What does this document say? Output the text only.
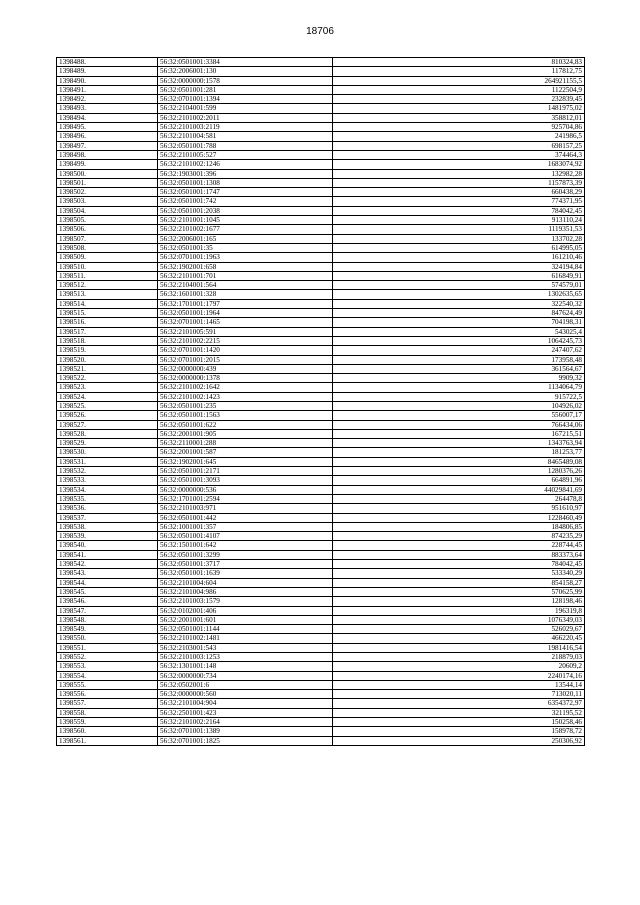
18706
1398488.	56:32:0501001:3384	810324,83
1398489.	56:32:2006001:130	117812,75
1398490.	56:32:0000000:1578	264921155,5
1398491.	56:32:0501001:281	1122504,9
1398492.	56:32:0701001:1394	232839,45
1398493.	56:32:2104001:599	1481975,02
1398494.	56:32:2101002:2011	358812,01
1398495.	56:32:2101003:2119	925704,86
1398496.	56:32:2101004:581	241986,5
1398497.	56:32:0501001:788	698157,25
1398498.	56:32:2101005:527	374464,3
1398499.	56:32:2101002:1246	1683074,92
1398500.	56:32:1903001:396	132982,28
1398501.	56:32:0501001:1308	1157873,39
1398502.	56:32:0501001:1747	660438,29
1398503.	56:32:0501001:742	774371,95
1398504.	56:32:0501001:2038	784042,45
1398505.	56:32:2101001:1045	913110,24
1398506.	56:32:2101002:1677	1119351,53
1398507.	56:32:2006001:165	133702,28
1398508.	56:32:0501001:35	614995,05
1398509.	56:32:0701001:1963	161210,46
1398510.	56:32:1902001:658	324194,84
1398511.	56:32:2101001:701	616849,91
1398512.	56:32:2104001:564	574579,01
1398513.	56:32:1601001:328	1302635,65
1398514.	56:32:1701001:1797	322540,32
1398515.	56:32:0501001:1964	847624,49
1398516.	56:32:0701001:1465	704198,31
1398517.	56:32:2101005:591	543025,4
1398518.	56:32:2101002:2215	1064245,73
1398519.	56:32:0701001:1420	247407,62
1398520.	56:32:0701001:2015	173958,48
1398521.	56:32:0000000:439	361564,67
1398522.	56:32:0000000:1378	9909,32
1398523.	56:32:2101002:1642	1134064,79
1398524.	56:32:2101002:1423	915722,5
1398525.	56:32:0501001:235	104926,02
1398526.	56:32:0501001:1563	556007,17
1398527.	56:32:0501001:622	766434,06
1398528.	56:32:2001001:905	167215,51
1398529.	56:32:2110001:288	1343763,94
1398530.	56:32:2001001:587	181253,77
1398531.	56:32:1902001:645	8465489,08
1398532.	56:32:0501001:2171	1280376,26
1398533.	56:32:0501001:3093	664891,96
1398534.	56:32:0000000:536	44029841,69
1398535.	56:32:1701001:2594	264478,8
1398536.	56:32:2101003:971	951610,97
1398537.	56:32:0501001:442	1228460,49
1398538.	56:32:1001001:357	184806,85
1398539.	56:32:0501001:4107	874235,29
1398540.	56:32:1501001:642	228744,45
1398541.	56:32:0501001:3299	883373,64
1398542.	56:32:0501001:3717	784042,45
1398543.	56:32:0501001:1639	533340,29
1398544.	56:32:2101004:604	854158,27
1398545.	56:32:2101004:986	570625,99
1398546.	56:32:2101003:1579	128198,46
1398547.	56:32:0102001:406	196319,8
1398548.	56:32:2001001:601	1076349,03
1398549.	56:32:0501001:1144	526029,67
1398550.	56:32:2101002:1481	466220,45
1398551.	56:32:2103001:543	1981416,54
1398552.	56:32:2101003:1253	218879,03
1398553.	56:32:1301001:148	20609,2
1398554.	56:32:0000000:734	2240174,16
1398555.	56:32:0502001:6	13544,14
1398556.	56:32:0000000:560	713020,11
1398557.	56:32:2101004:904	6354372,97
1398558.	56:32:2501001:423	321195,52
1398559.	56:32:2101002:2164	150258,46
1398560.	56:32:0701001:1389	158978,72
1398561.	56:32:0701001:1825	250306,92
